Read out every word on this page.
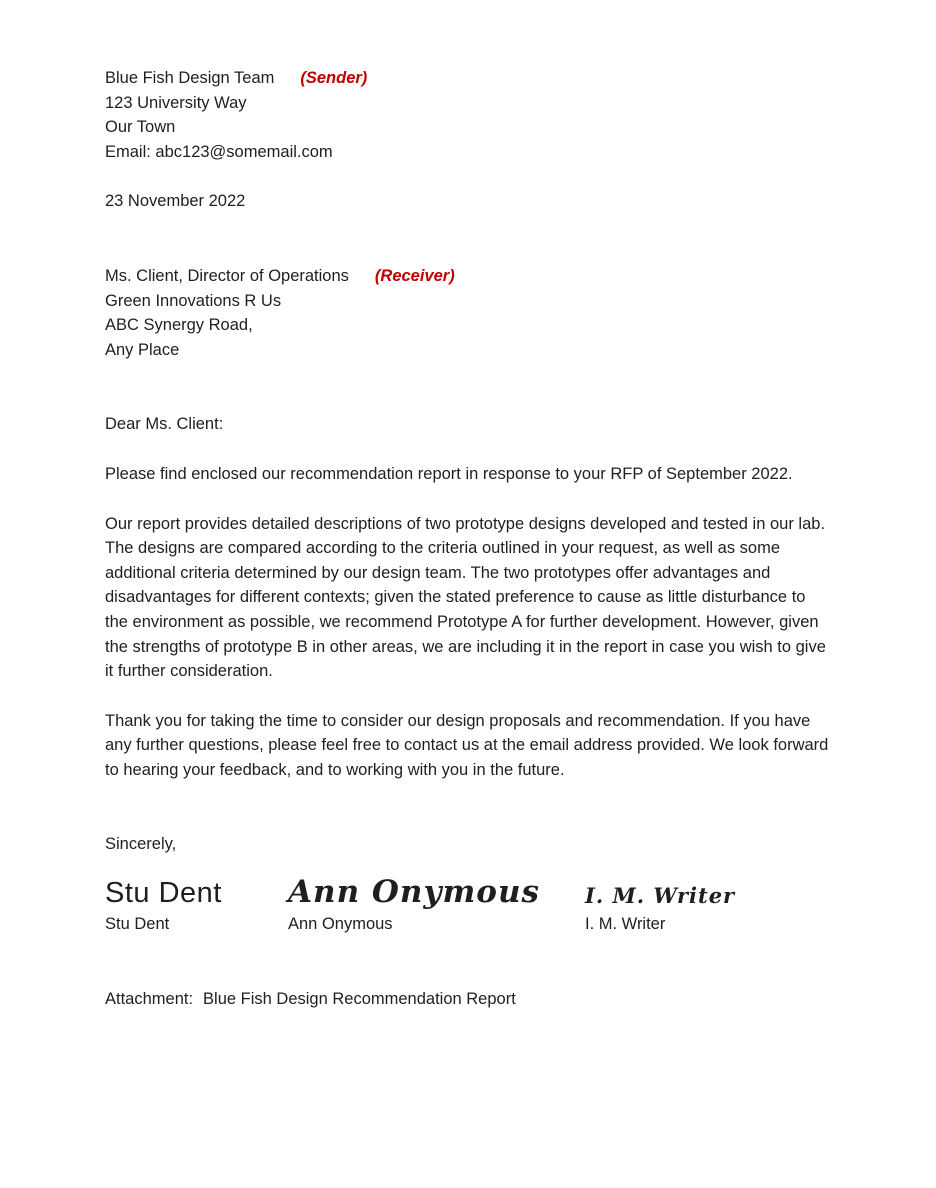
Blue Fish Design Team (Sender)

123 University Way

Our Town

Email: abc123@somemail.com

23 November 2022

Ms. Client, Director of Operations (Receiver)

Green Innovations R Us

ABC Synergy Road,

Any Place

Dear Ms. Client:

Please find enclosed our recommendation report in response to your RFP of September 2022.

Our report provides detailed descriptions of two prototype designs developed and tested in our lab. The designs are compared according to the criteria outlined in your request, as well as some additional criteria determined by our design team. The two prototypes offer advantages and disadvantages for different contexts; given the stated preference to cause as little disturbance to the environment as possible, we recommend Prototype A for further development. However, given the strengths of prototype B in other areas, we are including it in the report in case you wish to give it further consideration.

Thank you for taking the time to consider our design proposals and recommendation. If you have any further questions, please feel free to contact us at the email address provided. We look forward to hearing your feedback, and to working with you in the future.

Sincerely,

Stu Dent
Stu Dent
Ann Onymous
Ann Onymous
I. M. Writer
I. M. Writer

Attachment: Blue Fish Design Recommendation Report
